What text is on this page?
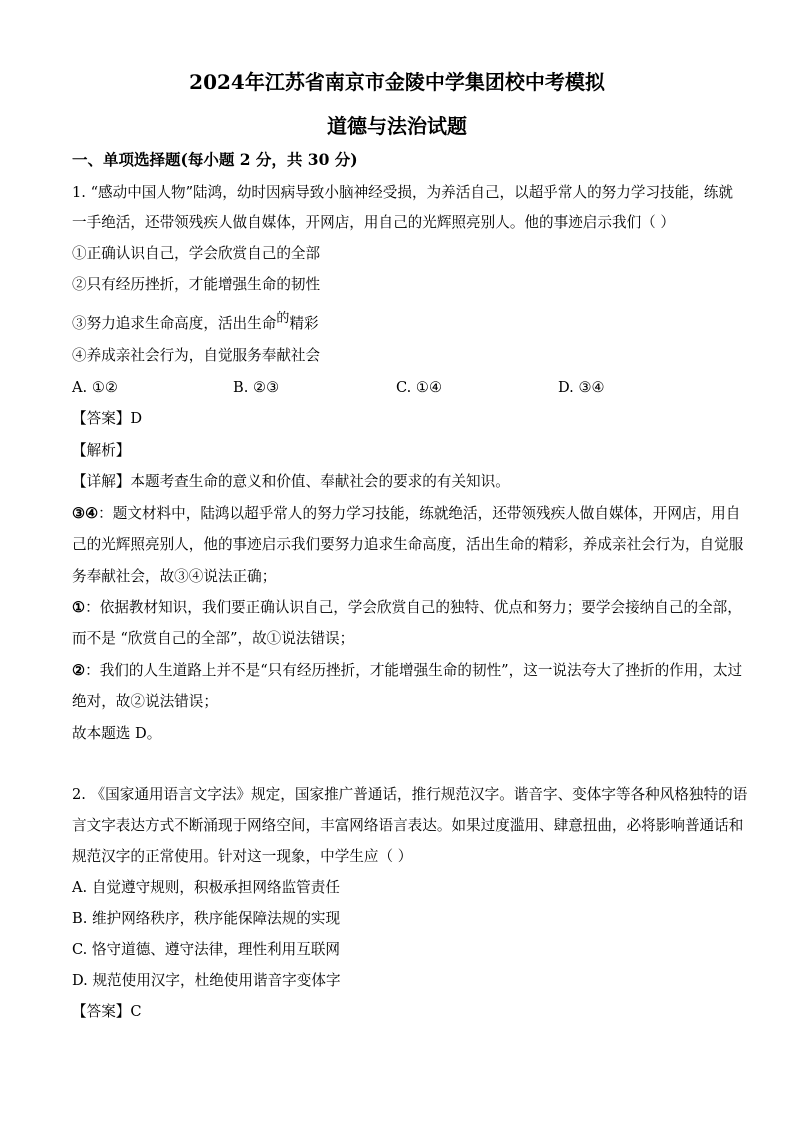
2024年江苏省南京市金陵中学集团校中考模拟
道德与法治试题
一、单项选择题(每小题 2 分，共 30 分)
1. “感动中国人物”陆鸿，幼时因病导致小脑神经受损，为养活自己，以超乎常人的努力学习技能，练就
一手绝活，还带领残疾人做自媒体，开网店，用自己的光辉照亮别人。他的事迹启示我们（ ）
①正确认识自己，学会欣赏自己的全部
②只有经历挫折，才能增强生命的韧性
③努力追求生命高度，活出生命的精彩
④养成亲社会行为，自觉服务奉献社会
A. ①②	B. ②③	C. ①④	D. ③④
【答案】D
【解析】
【详解】本题考查生命的意义和价值、奉献社会的要求的有关知识。
③④：题文材料中，陆鸿以超乎常人的努力学习技能，练就绝活，还带领残疾人做自媒体，开网店，用自
己的光辉照亮别人，他的事迹启示我们要努力追求生命高度，活出生命的精彩，养成亲社会行为，自觉服
务奉献社会，故③④说法正确；
①：依据教材知识，我们要正确认识自己，学会欣赏自己的独特、优点和努力；要学会接纳自己的全部，
而不是 “欣赏自己的全部”，故①说法错误；
②：我们的人生道路上并不是“只有经历挫折，才能增强生命的韧性”，这一说法夸大了挫折的作用，太过
绝对，故②说法错误；
故本题选 D。
2. 《国家通用语言文字法》规定，国家推广普通话，推行规范汉字。谐音字、变体字等各种风格独特的语
言文字表达方式不断涌现于网络空间，丰富网络语言表达。如果过度滥用、肆意扭曲，必将影响普通话和
规范汉字的正常使用。针对这一现象，中学生应（ ）
A. 自觉遵守规则，积极承担网络监管责任
B. 维护网络秩序，秩序能保障法规的实现
C. 恪守道德、遵守法律，理性利用互联网
D. 规范使用汉字，杜绝使用谐音字变体字
【答案】C
